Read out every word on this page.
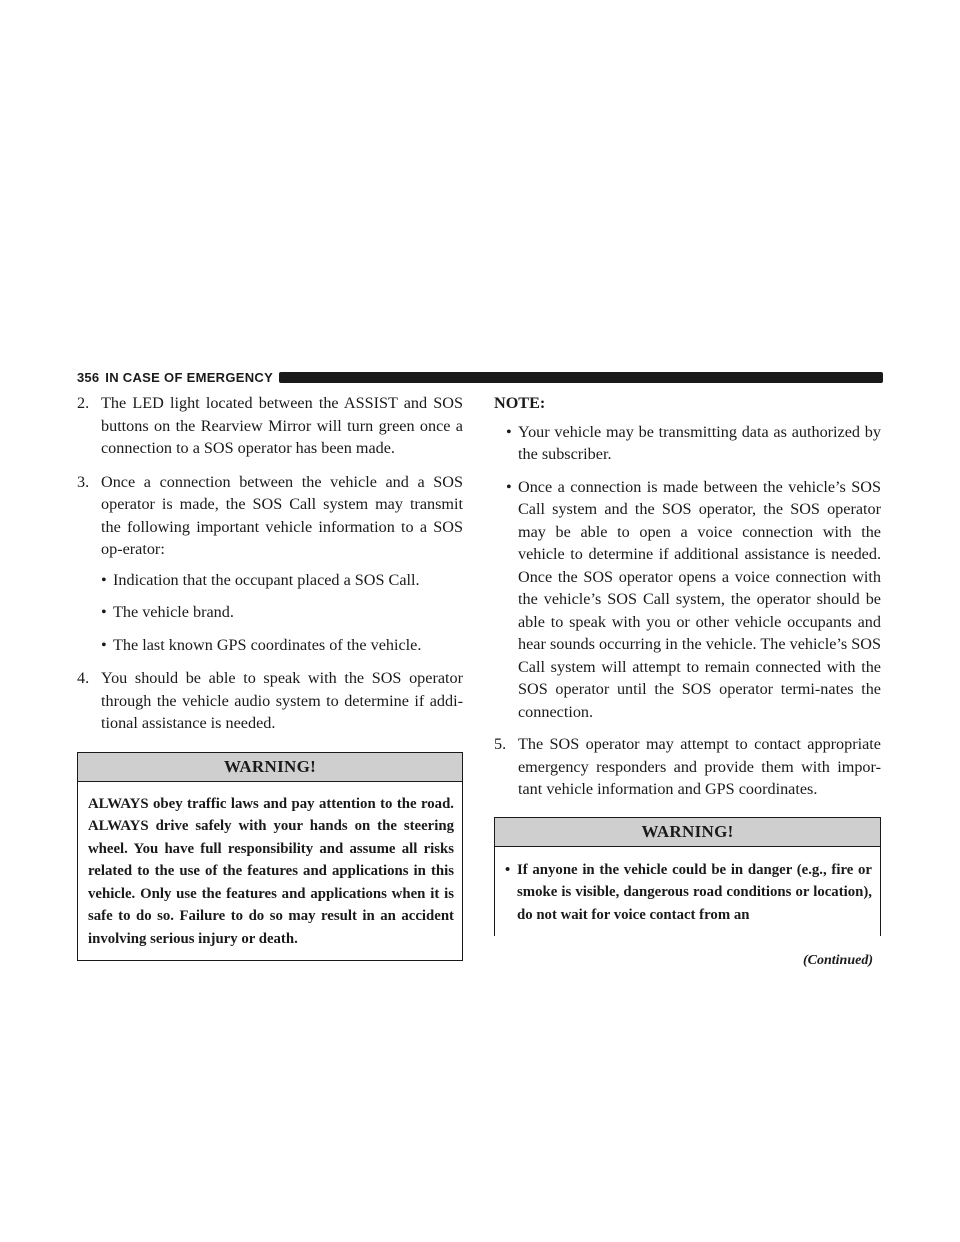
356 IN CASE OF EMERGENCY
2. The LED light located between the ASSIST and SOS buttons on the Rearview Mirror will turn green once a connection to a SOS operator has been made.
3. Once a connection between the vehicle and a SOS operator is made, the SOS Call system may transmit the following important vehicle information to a SOS op-erator:
• Indication that the occupant placed a SOS Call.
• The vehicle brand.
• The last known GPS coordinates of the vehicle.
4. You should be able to speak with the SOS operator through the vehicle audio system to determine if addi-tional assistance is needed.
WARNING!
ALWAYS obey traffic laws and pay attention to the road. ALWAYS drive safely with your hands on the steering wheel. You have full responsibility and assume all risks related to the use of the features and applications in this vehicle. Only use the features and applications when it is safe to do so. Failure to do so may result in an accident involving serious injury or death.
NOTE:
• Your vehicle may be transmitting data as authorized by the subscriber.
• Once a connection is made between the vehicle’s SOS Call system and the SOS operator, the SOS operator may be able to open a voice connection with the vehicle to determine if additional assistance is needed. Once the SOS operator opens a voice connection with the vehicle’s SOS Call system, the operator should be able to speak with you or other vehicle occupants and hear sounds occurring in the vehicle. The vehicle’s SOS Call system will attempt to remain connected with the SOS operator until the SOS operator termi-nates the connection.
5. The SOS operator may attempt to contact appropriate emergency responders and provide them with impor-tant vehicle information and GPS coordinates.
WARNING!
• If anyone in the vehicle could be in danger (e.g., fire or smoke is visible, dangerous road conditions or location), do not wait for voice contact from an
(Continued)
